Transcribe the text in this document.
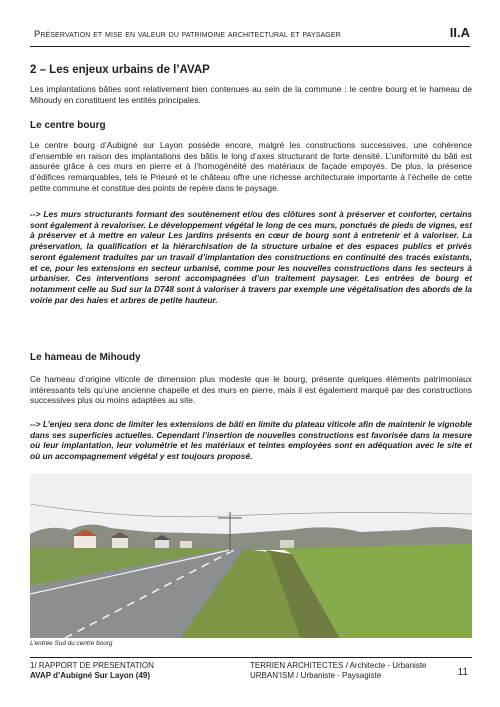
Préservation et mise en valeur du patrimoine architectural et paysager	II.A
2 – Les enjeux urbains de l’AVAP

Les implantations bâties sont relativement bien contenues au sein de la commune : le centre bourg et le hameau de Mihoudy en constituent les entités principales.

Le centre bourg

Le centre bourg d’Aubigné sur Layon possède encore, malgré les constructions successives, une cohérence d’ensemble en raison des implantations des bâtis le long d’axes structurant de forte densité. L’uniformité du bâti est assurée grâce à ces murs en pierre et à l’homogénéité des matériaux de façade empoyés. De plus, la présence d’édifices remarquables, tels le Prieuré et le château offre une richesse architecturale importante à l’échelle de cette petite commune et constitue des points de repère dans le paysage.

--> Les murs structurants formant des soutènement et/ou des clôtures sont à préserver et conforter, certains sont également à revaloriser. Le développement végétal le long de ces murs, ponctués de pieds de vignes, est à préserver et à mettre en valeur Les jardins présents en cœur de bourg sont à entretenir et à valoriser. La préservation, la qualification et la hiérarchisation de la structure urbaine et des espaces publics et privés seront également traduites par un travail d’implantation des constructions en continuité des tracés existants, et ce, pour les extensions en secteur urbanisé, comme pour les nouvelles constructions dans les secteurs à urbaniser. Ces interventions seront accompagnées d’un traitement paysager. Les entrées de bourg et notamment celle au Sud sur la D748 sont à valoriser à travers par exemple une végétalisation des abords de la voirie par des haies et arbres de petite hauteur.

Le hameau de Mihoudy

Ce hameau d’origine viticole de dimension plus modeste que le bourg, présente quelques éléments patrimoniaux intéressants tels qu’une ancienne chapelle et des murs en pierre, mais il est également marqué par des constructions successives plus ou moins adaptées au site.

--> L’enjeu sera donc de limiter les extensions de bâti en limite du plateau viticole afin de maintenir le vignoble dans ses superficies actuelles. Cependant l’insertion de nouvelles constructions est favorisée dans la mesure où leur implantation, leur volumétrie et les matériaux et teintes employées sont en adéquation avec le site et où un accompagnement végétal y est toujours proposé.

L’entrée Sud du centre bourg
1/ RAPPORT DE PRESENTATION
AVAP d’Aubigné Sur Layon (49)
TERRIEN ARCHITECTES / Architecte - Urbaniste
URBAN’ISM / Urbaniste - Paysagiste	11
